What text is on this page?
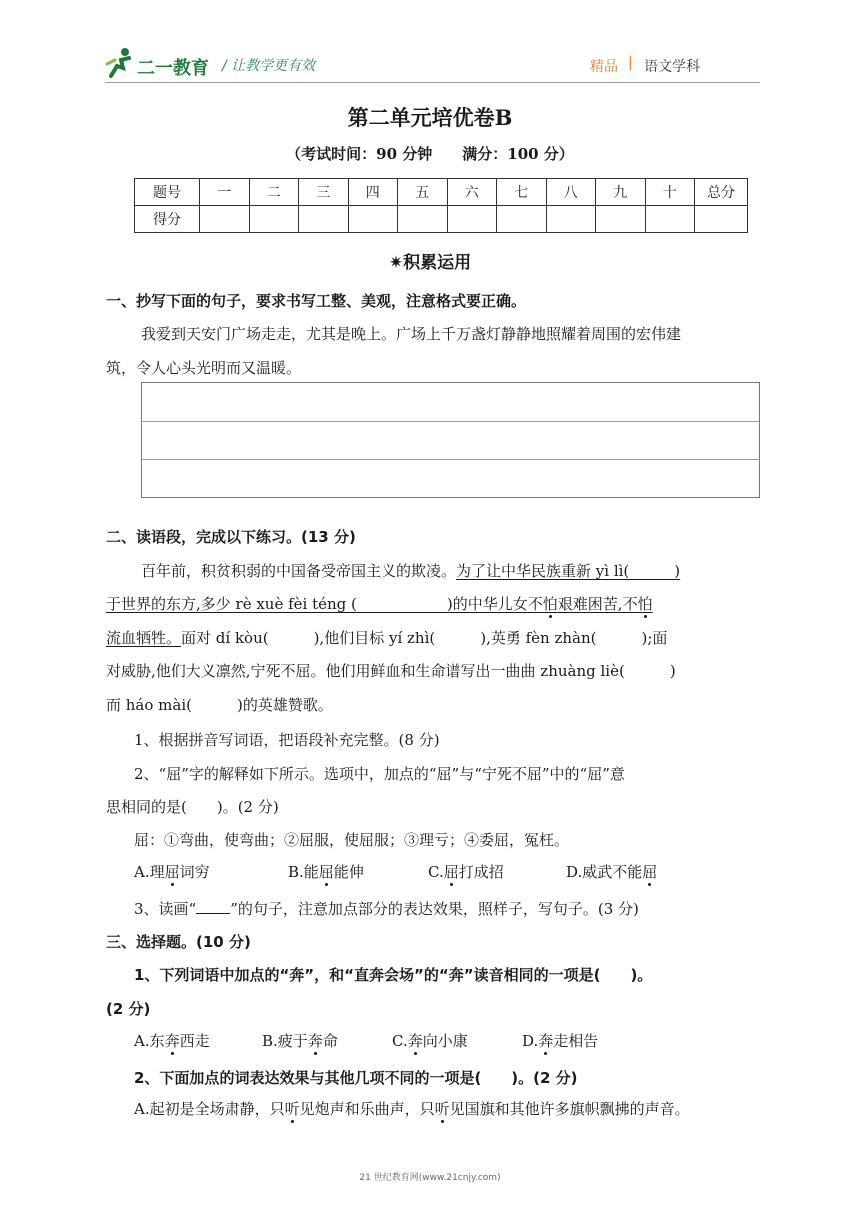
二一教育 / 让教学更有效	精品 | 语文学科
第二单元培优卷B
（考试时间：90 分钟　　满分：100 分）
题号	一	二	三	四	五	六	七	八	九	十	总分
得分											
✷积累运用
一、抄写下面的句子，要求书写工整、美观，注意格式要正确。
我爱到天安门广场走走，尤其是晚上。广场上千万盏灯静静地照耀着周围的宏伟建
筑，令人心头光明而又温暖。
二、读语段，完成以下练习。(13 分)
百年前，积贫积弱的中国备受帝国主义的欺凌。为了让中华民族重新 yì lì(　　　)
于世界的东方,多少 rè xuè fèi téng (　　　　　　)的中华儿女不怕艰难困苦,不怕
流血牺牲。面对 dí kòu(　　　),他们目标 yí zhì(　　　),英勇 fèn zhàn(　　　);面
对威胁,他们大义凛然,宁死不屈。他们用鲜血和生命谱写出一曲曲 zhuàng liè(　　　)
而 háo mài(　　　)的英雄赞歌。
1、根据拼音写词语，把语段补充完整。(8 分)
2、“屈”字的解释如下所示。选项中，加点的“屈”与“宁死不屈”中的“屈”意
思相同的是(　　)。(2 分)
屈：①弯曲，使弯曲；②屈服，使屈服；③理亏；④委屈，冤枉。
A.理屈词穷	B.能屈能伸	C.屈打成招	D.威武不能屈
3、读画“ ”的句子，注意加点部分的表达效果，照样子，写句子。(3 分)
三、选择题。(10 分)
1、下列词语中加点的“奔”，和“直奔会场”的“奔”读音相同的一项是(　　)。
(2 分)
A.东奔西走	B.疲于奔命	C.奔向小康	D.奔走相告
2、下面加点的词表达效果与其他几项不同的一项是(　　)。(2 分)
A.起初是全场肃静，只听见炮声和乐曲声，只听见国旗和其他许多旗帜飘拂的声音。
21 世纪教育网(www.21cnjy.com)
